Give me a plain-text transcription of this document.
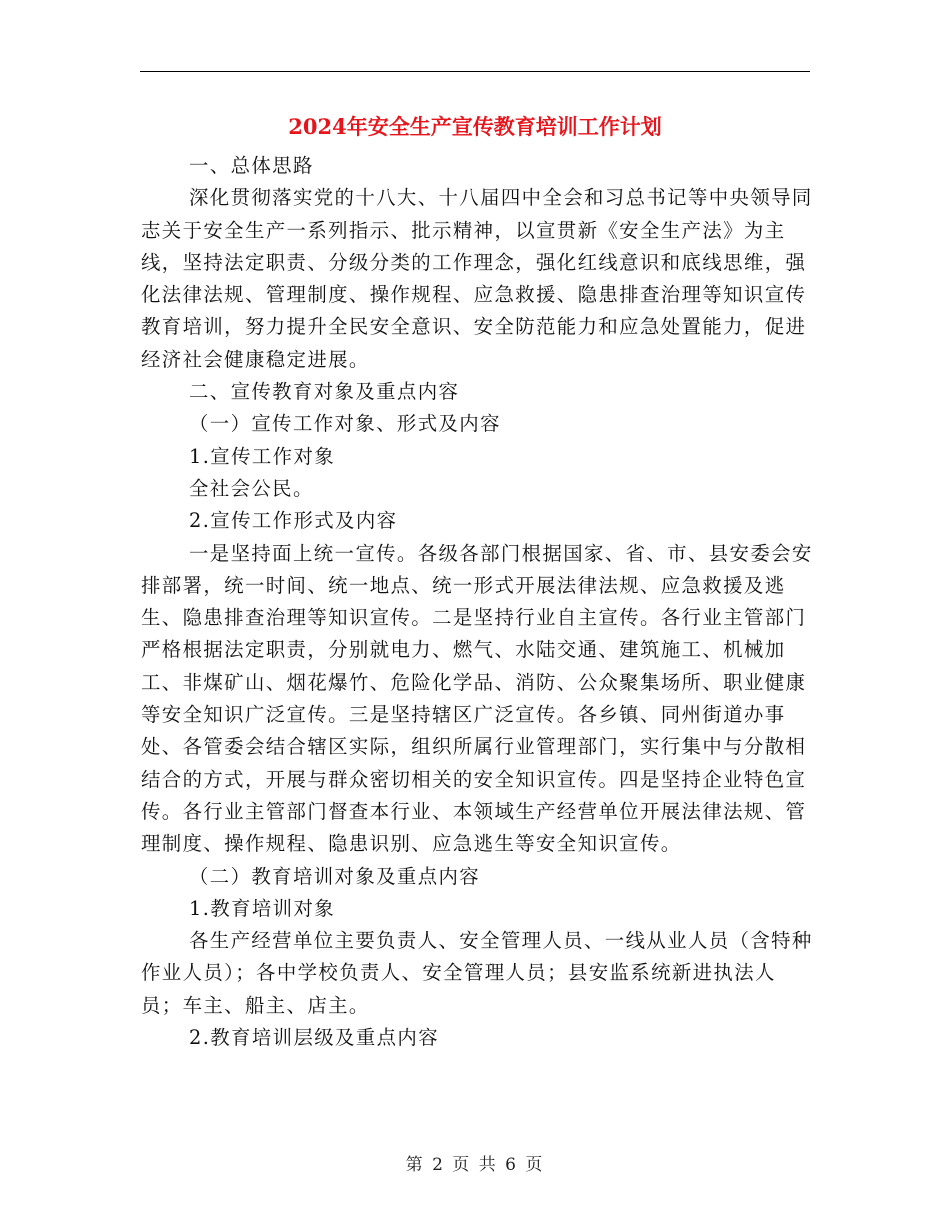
2024年安全生产宣传教育培训工作计划

一、总体思路

深化贯彻落实党的十八大、十八届四中全会和习总书记等中央领导同志关于安全生产一系列指示、批示精神，以宣贯新《安全生产法》为主线，坚持法定职责、分级分类的工作理念，强化红线意识和底线思维，强化法律法规、管理制度、操作规程、应急救援、隐患排查治理等知识宣传教育培训，努力提升全民安全意识、安全防范能力和应急处置能力，促进经济社会健康稳定进展。

二、宣传教育对象及重点内容

（一）宣传工作对象、形式及内容

1.宣传工作对象

全社会公民。

2.宣传工作形式及内容

一是坚持面上统一宣传。各级各部门根据国家、省、市、县安委会安排部署，统一时间、统一地点、统一形式开展法律法规、应急救援及逃生、隐患排查治理等知识宣传。二是坚持行业自主宣传。各行业主管部门严格根据法定职责，分别就电力、燃气、水陆交通、建筑施工、机械加工、非煤矿山、烟花爆竹、危险化学品、消防、公众聚集场所、职业健康等安全知识广泛宣传。三是坚持辖区广泛宣传。各乡镇、同州街道办事处、各管委会结合辖区实际，组织所属行业管理部门，实行集中与分散相结合的方式，开展与群众密切相关的安全知识宣传。四是坚持企业特色宣传。各行业主管部门督查本行业、本领域生产经营单位开展法律法规、管理制度、操作规程、隐患识别、应急逃生等安全知识宣传。

（二）教育培训对象及重点内容

1.教育培训对象

各生产经营单位主要负责人、安全管理人员、一线从业人员（含特种作业人员）；各中学校负责人、安全管理人员；县安监系统新进执法人员；车主、船主、店主。

2.教育培训层级及重点内容

第 2 页 共 6 页
